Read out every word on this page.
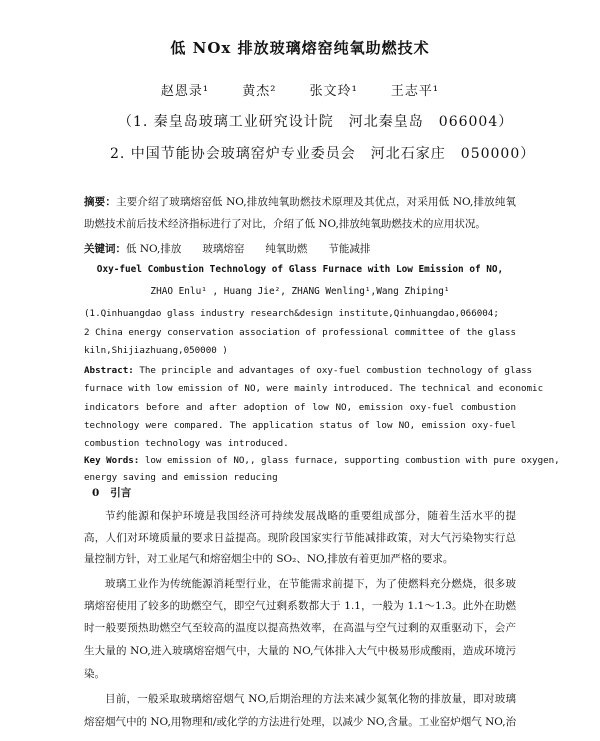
低 NOx 排放玻璃熔窑纯氧助燃技术
赵恩录¹	黄杰²	张文玲¹	王志平¹
（1. 秦皇岛玻璃工业研究设计院　河北秦皇岛　066004）
2. 中国节能协会玻璃窑炉专业委员会　河北石家庄　050000）
摘要：主要介绍了玻璃熔窑低 NO,排放纯氧助燃技术原理及其优点，对采用低 NO,排放纯氧
助燃技术前后技术经济指标进行了对比，介绍了低 NO,排放纯氧助燃技术的应用状况。
关键词：低 NO,排放　　玻璃熔窑　　纯氧助燃　　节能减排
Oxy-fuel Combustion Technology of Glass Furnace with Low Emission of NO,
ZHAO Enlu¹ , Huang Jie², ZHANG Wenling¹,Wang Zhiping¹
(1.Qinhuangdao glass industry research&design institute,Qinhuangdao,066004;
2 China energy conservation association of professional committee of the glass
kiln,Shijiazhuang,050000 )
Abstract: The principle and advantages of oxy-fuel combustion technology of glass
furnace with low emission of NO, were mainly introduced. The technical and economic
indicators before and after adoption of low NO, emission oxy-fuel combustion
technology were compared. The application status of low NO, emission oxy-fuel
combustion technology was introduced.
Key Words: low emission of NO,, glass furnace, supporting combustion with pure oxygen,
energy saving and emission reducing
0 引言
节约能源和保护环境是我国经济可持续发展战略的重要组成部分，随着生活水平的提
高，人们对环境质量的要求日益提高。现阶段国家实行节能减排政策，对大气污染物实行总
量控制方针，对工业尾气和熔窑烟尘中的 SO₂、NO,排放有着更加严格的要求。
玻璃工业作为传统能源消耗型行业，在节能需求前提下，为了使燃料充分燃烧，很多玻
璃熔窑使用了较多的助燃空气，即空气过剩系数都大于 1.1，一般为 1.1～1.3。此外在助燃
时一般要预热助燃空气至较高的温度以提高热效率，在高温与空气过剩的双重驱动下，会产
生大量的 NO,进入玻璃熔窑烟气中，大量的 NO,气体排入大气中极易形成酸雨，造成环境污
染。
目前，一般采取玻璃熔窑烟气 NO,后期治理的方法来减少氮氧化物的排放量，即对玻璃
熔窑烟气中的 NO,用物理和/或化学的方法进行处理，以减少 NO,含量。工业窑炉烟气 NO,治
